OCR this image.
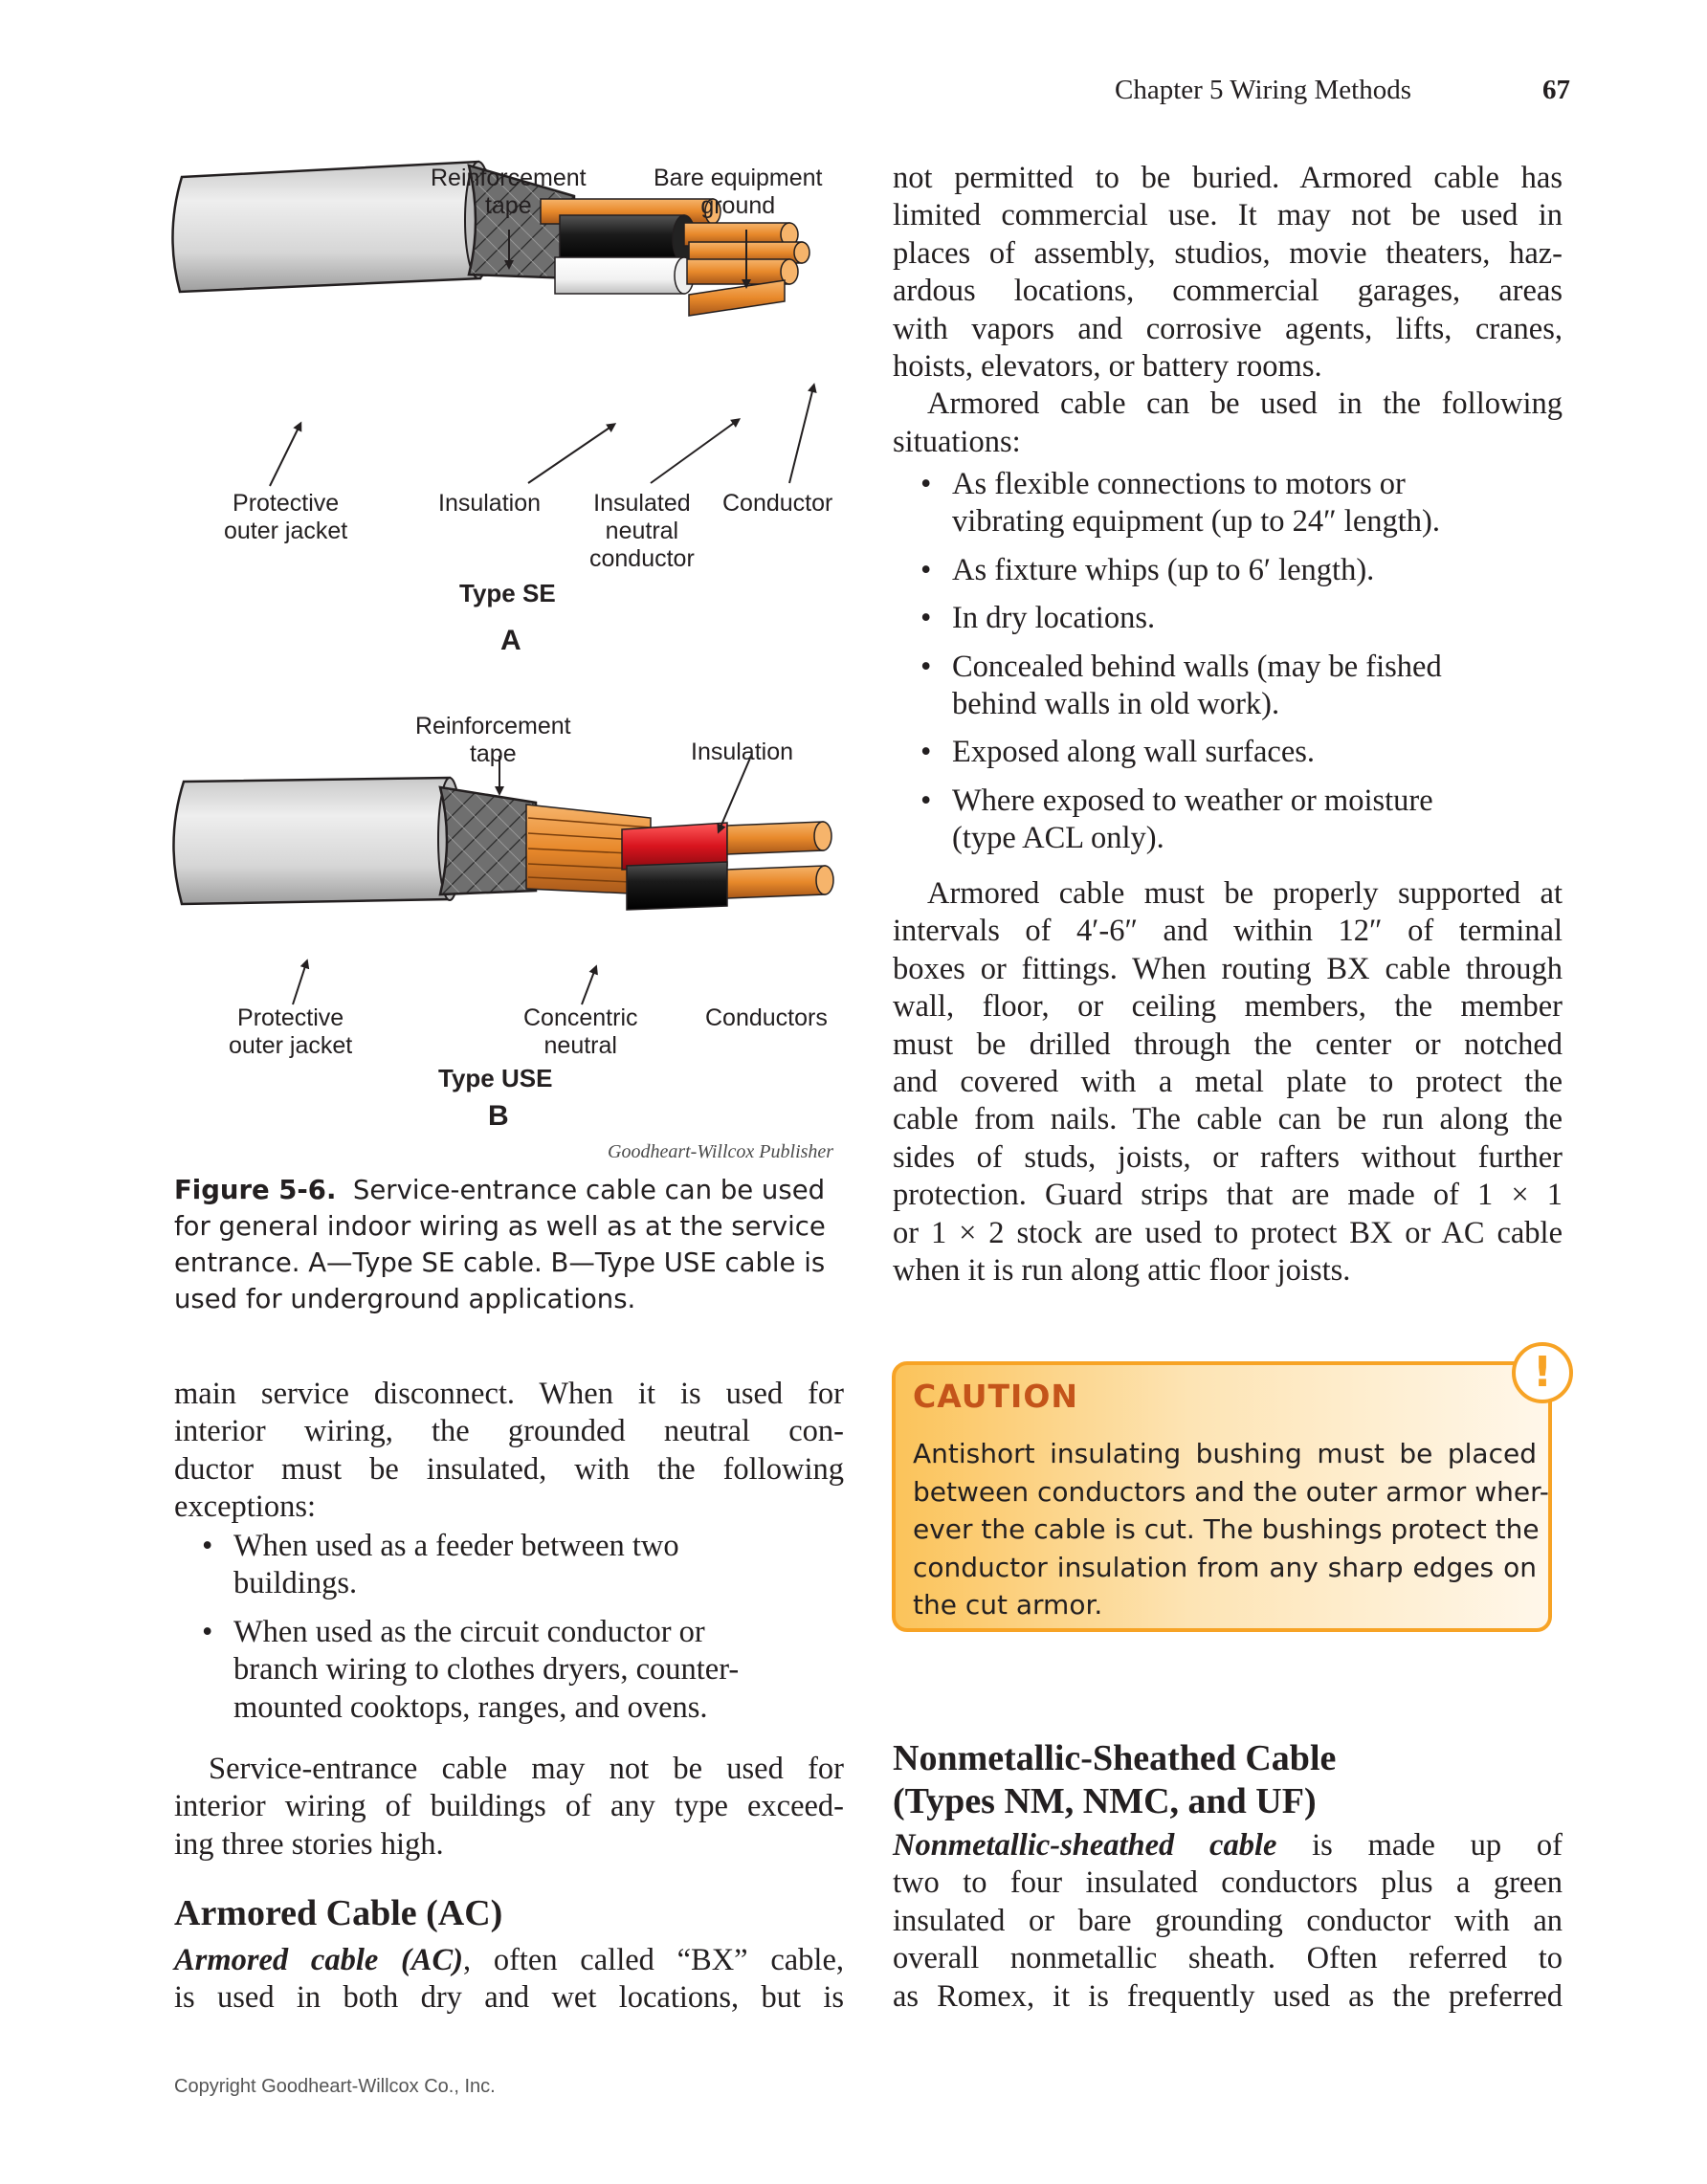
Chapter 5 Wiring Methods	67
Reinforcement
tape
Bare equipment
ground
Protective
outer jacket
Insulation Insulated
neutral
conductor
Conductor
Type SE
A
Reinforcement
tape	Insulation
Protective
outer jacket
Concentric
neutral
Conductors
Type USE
B
Goodheart-Willcox Publisher
Figure 5-6. Service-entrance cable can be used
for general indoor wiring as well as at the service
entrance. A—Type SE cable. B—Type USE cable is
used for underground applications.
not permitted to be buried. Armored cable has
limited commercial use. It may not be used in
places of assembly, studios, movie theaters, haz-
ardous locations, commercial garages, areas
with vapors and corrosive agents, lifts, cranes,
hoists, elevators, or battery rooms.
Armored cable can be used in the following
situations:
• As flexible connections to motors or
vibrating equipment (up to 24″ length).
• As fixture whips (up to 6′ length).
• In dry locations.
• Concealed behind walls (may be fished
behind walls in old work).
• Exposed along wall surfaces.
• Where exposed to weather or moisture
(type ACL only).
Armored cable must be properly supported at
intervals of 4′-6″ and within 12″ of terminal
boxes or fittings. When routing BX cable through
wall, floor, or ceiling members, the member
must be drilled through the center or notched
and covered with a metal plate to protect the
cable from nails. The cable can be run along the
sides of studs, joists, or rafters without further
protection. Guard strips that are made of 1 × 1
or 1 × 2 stock are used to protect BX or AC cable
when it is run along attic floor joists.
!
CAUTION
Antishort insulating bushing must be placed
between conductors and the outer armor wher-
ever the cable is cut. The bushings protect the
conductor insulation from any sharp edges on
the cut armor.
main service disconnect. When it is used for
interior wiring, the grounded neutral con-
ductor must be insulated, with the following
exceptions:
• When used as a feeder between two
buildings.
• When used as the circuit conductor or
branch wiring to clothes dryers, counter-
mounted cooktops, ranges, and ovens.
Service-entrance cable may not be used for
interior wiring of buildings of any type exceed-
ing three stories high.
Armored Cable (AC)
Armored cable (AC), often called “BX” cable,
is used in both dry and wet locations, but is
Nonmetallic-Sheathed Cable
(Types NM, NMC, and UF)
Nonmetallic-sheathed cable is made up of
two to four insulated conductors plus a green
insulated or bare grounding conductor with an
overall nonmetallic sheath. Often referred to
as Romex, it is frequently used as the preferred
Copyright Goodheart-Willcox Co., Inc.
